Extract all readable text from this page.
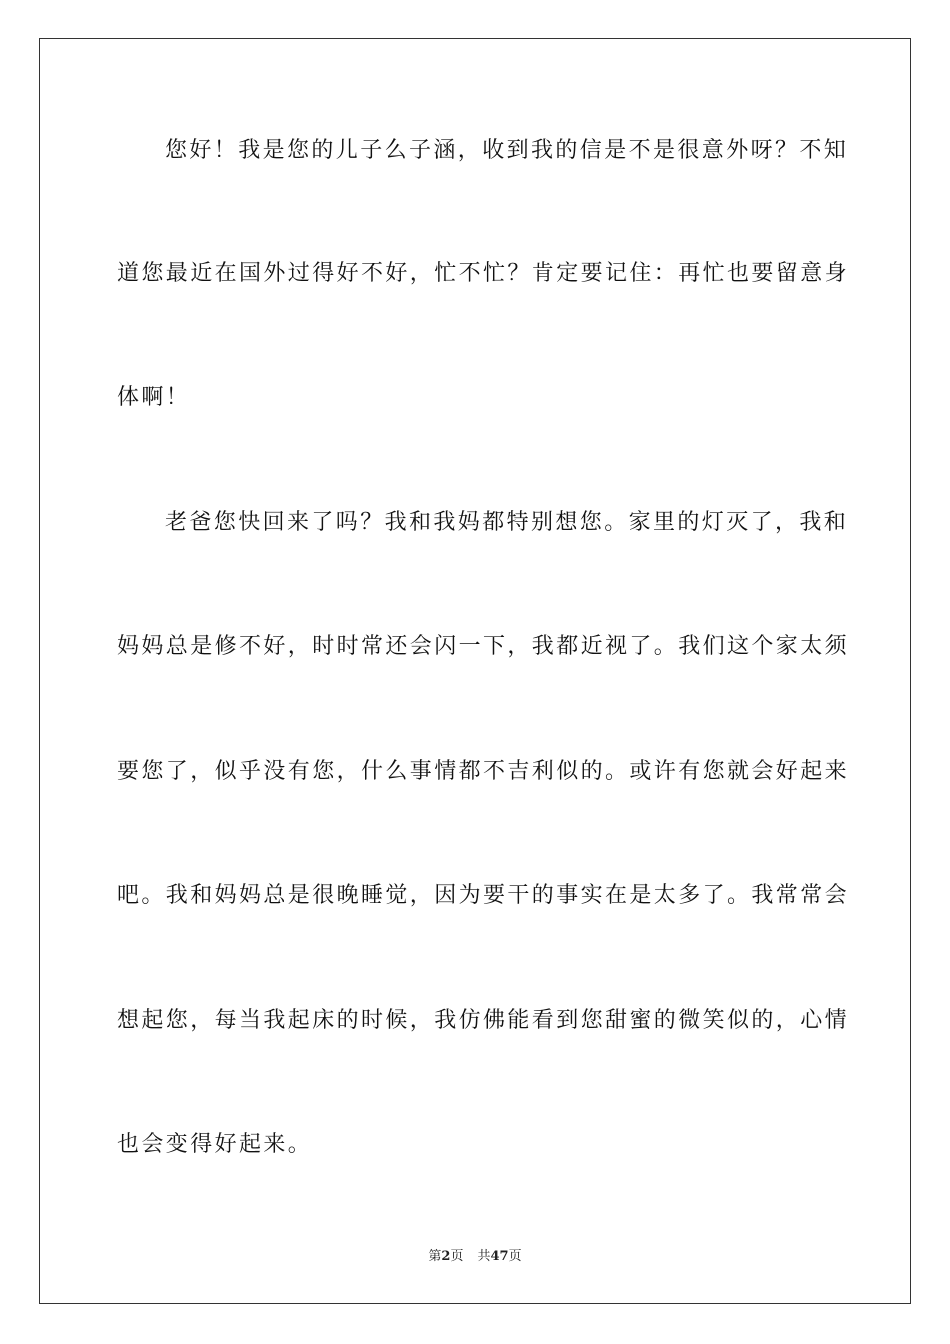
您好！我是您的儿子么子涵，收到我的信是不是很意外呀？不知
道您最近在国外过得好不好，忙不忙？肯定要记住：再忙也要留意身
体啊！
老爸您快回来了吗？我和我妈都特别想您。家里的灯灭了，我和
妈妈总是修不好，时时常还会闪一下，我都近视了。我们这个家太须
要您了，似乎没有您，什么事情都不吉利似的。或许有您就会好起来
吧。我和妈妈总是很晚睡觉，因为要干的事实在是太多了。我常常会
想起您，每当我起床的时候，我仿佛能看到您甜蜜的微笑似的，心情
也会变得好起来。
第2页 共47页
